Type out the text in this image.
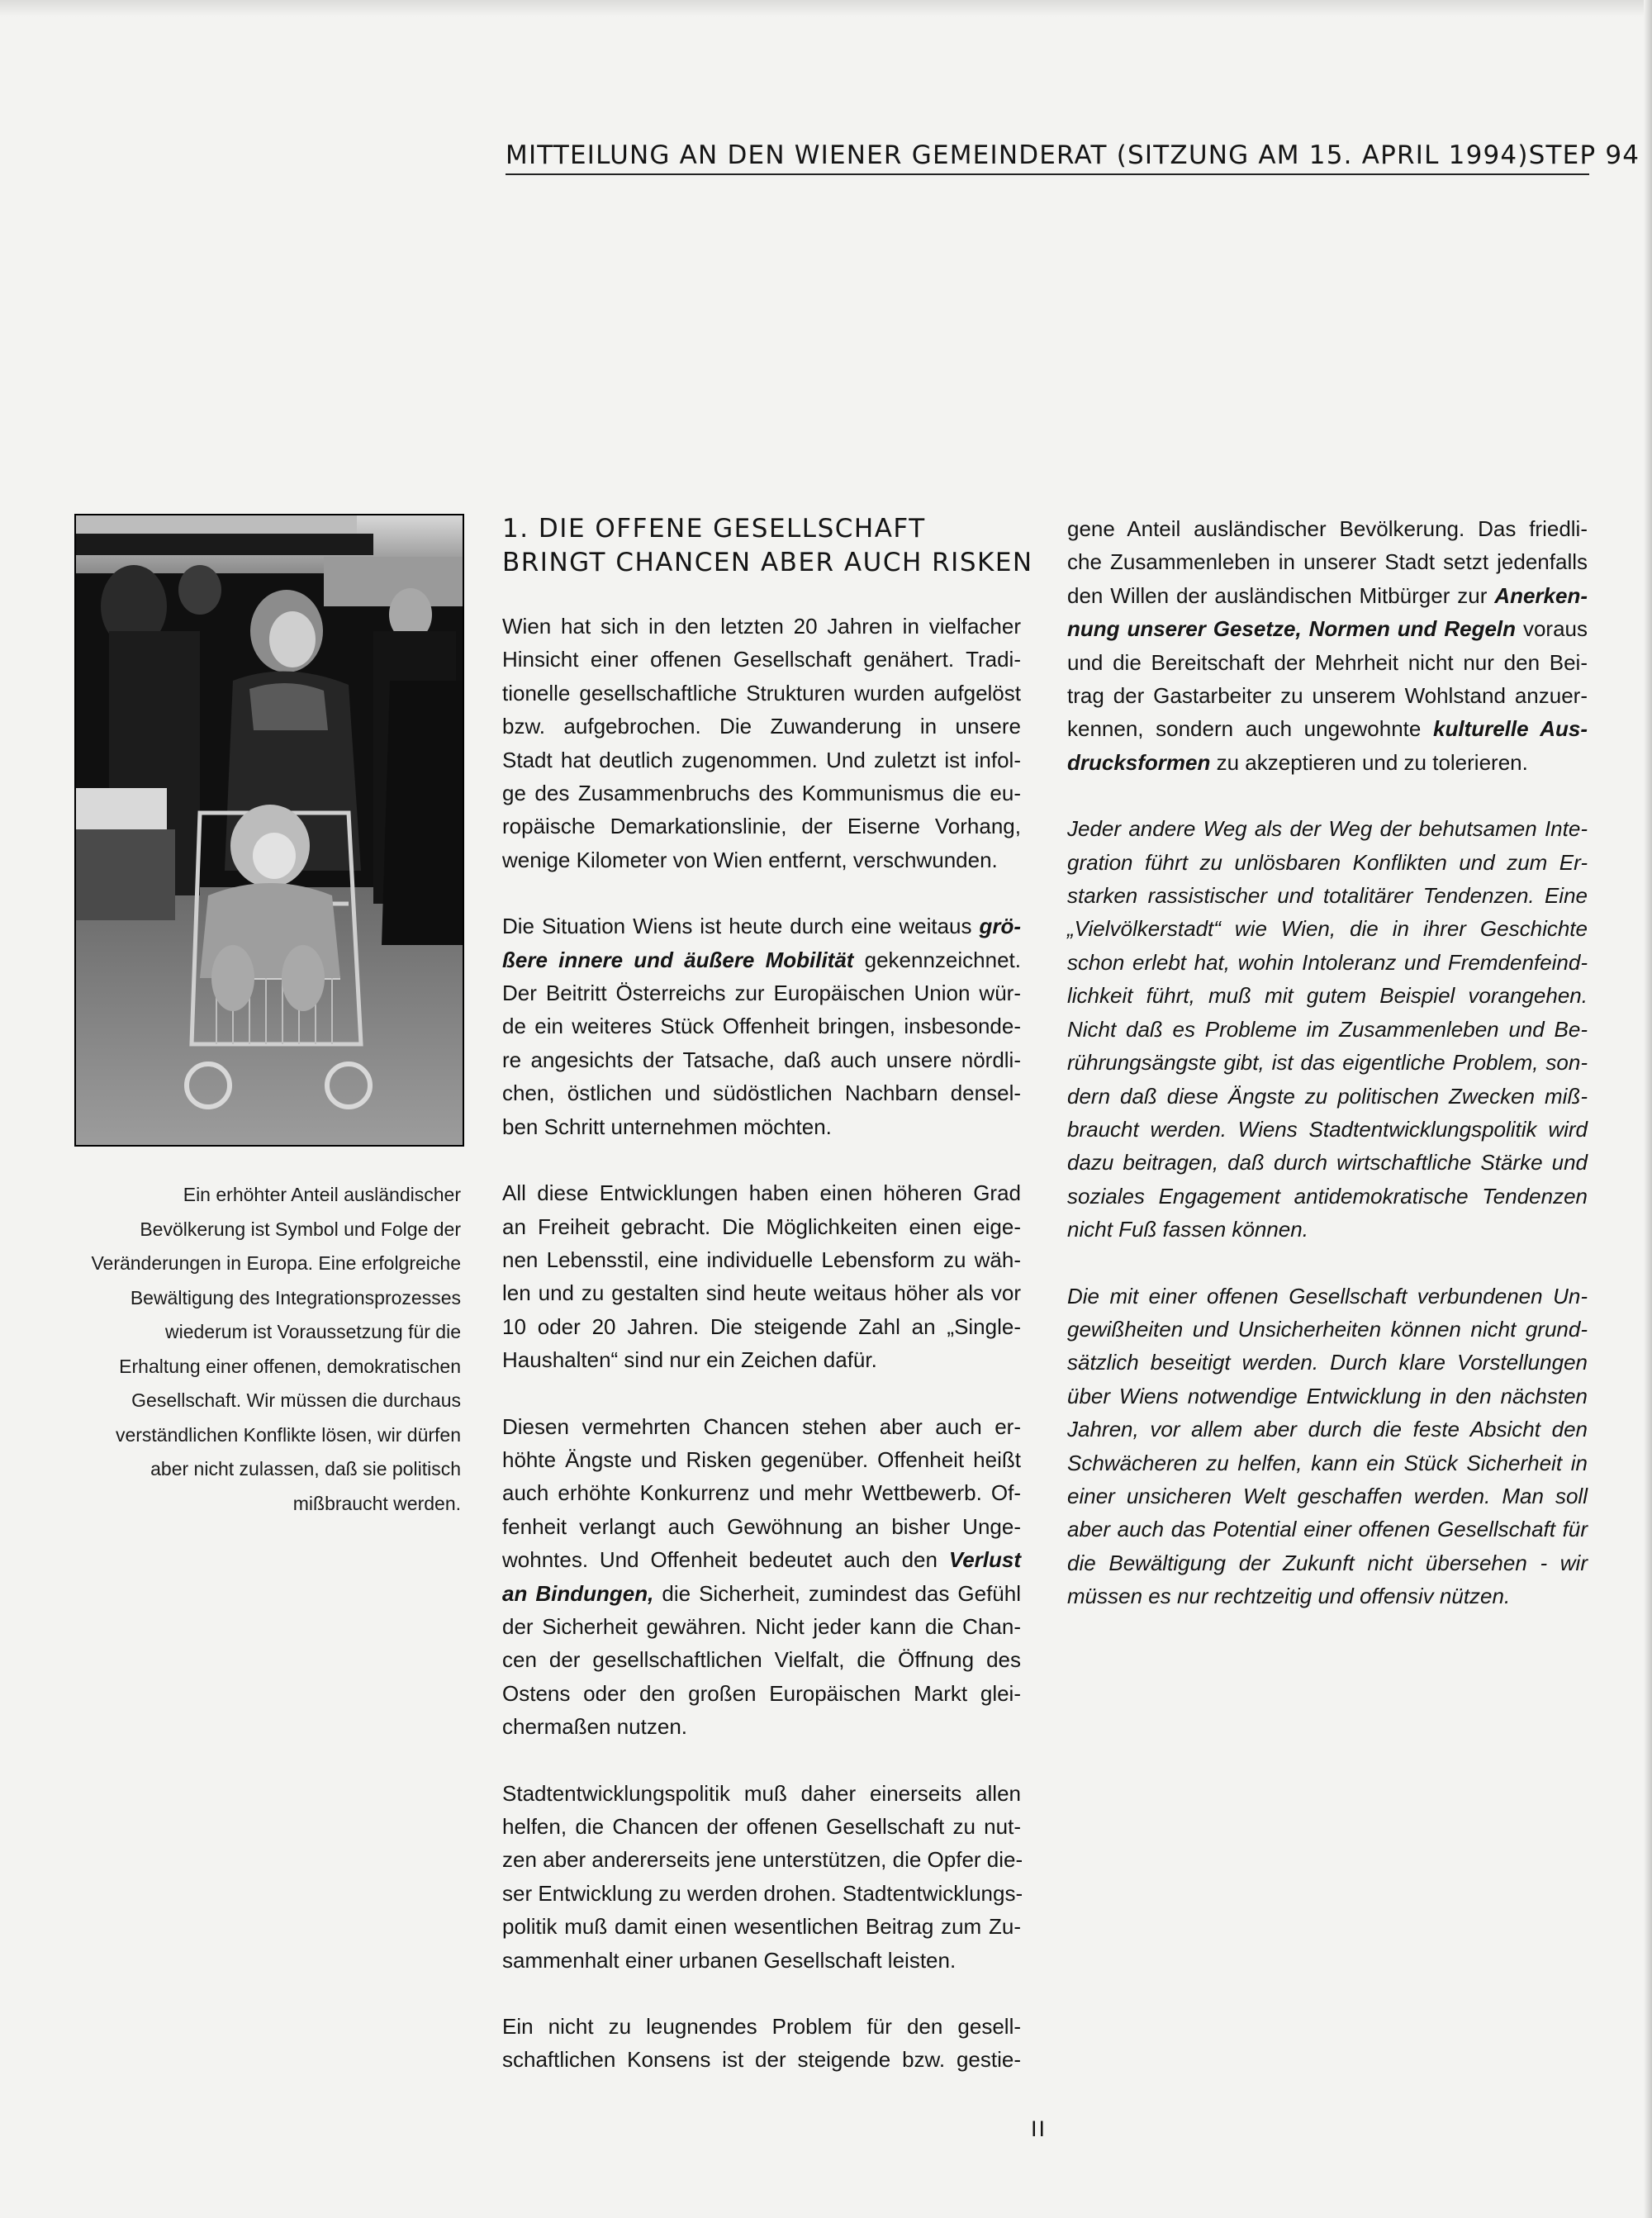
MITTEILUNG AN DEN WIENER GEMEINDERAT (SITZUNG AM 15. APRIL 1994) STEP 94
Ein erhöhter Anteil ausländischer
Bevölkerung ist Symbol und Folge der
Veränderungen in Europa. Eine erfolgreiche
Bewältigung des Integrationsprozesses
wiederum ist Voraussetzung für die
Erhaltung einer offenen, demokratischen
Gesellschaft. Wir müssen die durchaus
verständlichen Konflikte lösen, wir dürfen
aber nicht zulassen, daß sie politisch
mißbraucht werden.
1. DIE OFFENE GESELLSCHAFT
BRINGT CHANCEN ABER AUCH RISKEN

Wien hat sich in den letzten 20 Jahren in vielfacher
Hinsicht einer offenen Gesellschaft genähert. Tradi-
tionelle gesellschaftliche Strukturen wurden aufgelöst
bzw. aufgebrochen. Die Zuwanderung in unsere
Stadt hat deutlich zugenommen. Und zuletzt ist infol-
ge des Zusammenbruchs des Kommunismus die eu-
ropäische Demarkationslinie, der Eiserne Vorhang,
wenige Kilometer von Wien entfernt, verschwunden.

Die Situation Wiens ist heute durch eine weitaus grö-
ßere innere und äußere Mobilität gekennzeichnet.
Der Beitritt Österreichs zur Europäischen Union wür-
de ein weiteres Stück Offenheit bringen, insbesonde-
re angesichts der Tatsache, daß auch unsere nördli-
chen, östlichen und südöstlichen Nachbarn densel-
ben Schritt unternehmen möchten.

All diese Entwicklungen haben einen höheren Grad
an Freiheit gebracht. Die Möglichkeiten einen eige-
nen Lebensstil, eine individuelle Lebensform zu wäh-
len und zu gestalten sind heute weitaus höher als vor
10 oder 20 Jahren. Die steigende Zahl an „Single-
Haushalten“ sind nur ein Zeichen dafür.

Diesen vermehrten Chancen stehen aber auch er-
höhte Ängste und Risken gegenüber. Offenheit heißt
auch erhöhte Konkurrenz und mehr Wettbewerb. Of-
fenheit verlangt auch Gewöhnung an bisher Unge-
wohntes. Und Offenheit bedeutet auch den Verlust
an Bindungen, die Sicherheit, zumindest das Gefühl
der Sicherheit gewähren. Nicht jeder kann die Chan-
cen der gesellschaftlichen Vielfalt, die Öffnung des
Ostens oder den großen Europäischen Markt glei-
chermaßen nutzen.

Stadtentwicklungspolitik muß daher einerseits allen
helfen, die Chancen der offenen Gesellschaft zu nut-
zen aber andererseits jene unterstützen, die Opfer die-
ser Entwicklung zu werden drohen. Stadtentwicklungs-
politik muß damit einen wesentlichen Beitrag zum Zu-
sammenhalt einer urbanen Gesellschaft leisten.

Ein nicht zu leugnendes Problem für den gesell-
schaftlichen Konsens ist der steigende bzw. gestie-

gene Anteil ausländischer Bevölkerung. Das friedli-
che Zusammenleben in unserer Stadt setzt jedenfalls
den Willen der ausländischen Mitbürger zur Anerken-
nung unserer Gesetze, Normen und Regeln voraus
und die Bereitschaft der Mehrheit nicht nur den Bei-
trag der Gastarbeiter zu unserem Wohlstand anzuer-
kennen, sondern auch ungewohnte kulturelle Aus-
drucksformen zu akzeptieren und zu tolerieren.

Jeder andere Weg als der Weg der behutsamen Inte-
gration führt zu unlösbaren Konflikten und zum Er-
starken rassistischer und totalitärer Tendenzen. Eine
„Vielvölkerstadt“ wie Wien, die in ihrer Geschichte
schon erlebt hat, wohin Intoleranz und Fremdenfeind-
lichkeit führt, muß mit gutem Beispiel vorangehen.
Nicht daß es Probleme im Zusammenleben und Be-
rührungsängste gibt, ist das eigentliche Problem, son-
dern daß diese Ängste zu politischen Zwecken miß-
braucht werden. Wiens Stadtentwicklungspolitik wird
dazu beitragen, daß durch wirtschaftliche Stärke und
soziales Engagement antidemokratische Tendenzen
nicht Fuß fassen können.

Die mit einer offenen Gesellschaft verbundenen Un-
gewißheiten und Unsicherheiten können nicht grund-
sätzlich beseitigt werden. Durch klare Vorstellungen
über Wiens notwendige Entwicklung in den nächsten
Jahren, vor allem aber durch die feste Absicht den
Schwächeren zu helfen, kann ein Stück Sicherheit in
einer unsicheren Welt geschaffen werden. Man soll
aber auch das Potential einer offenen Gesellschaft für
die Bewältigung der Zukunft nicht übersehen - wir
müssen es nur rechtzeitig und offensiv nützen.

II
